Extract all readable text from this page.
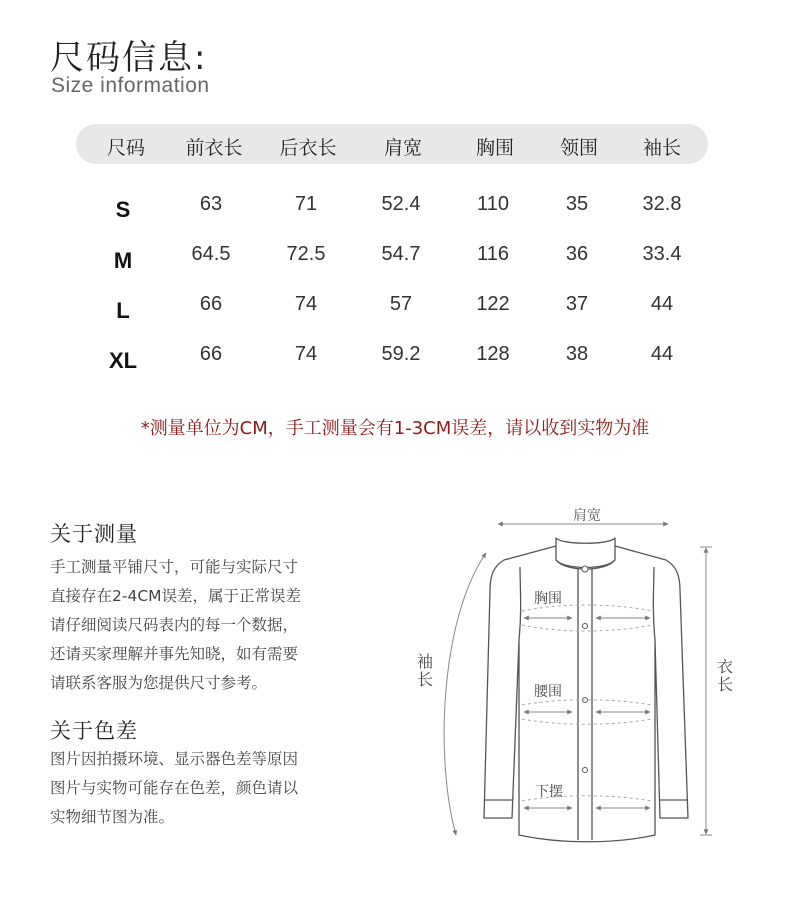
尺码信息:
Size information
尺码 前衣长 后衣长 肩宽	胸围 领围 袖长
S	63	71	52.4	110	35	32.8
M	64.5	72.5	54.7	116	36	33.4
L	66	74	57	122	37	44
XL	66	74	59.2	128	38	44
*测量单位为CM，手工测量会有1-3CM误差，请以收到实物为准
关于测量
手工测量平铺尺寸，可能与实际尺寸
直接存在2-4CM误差，属于正常误差
请仔细阅读尺码表内的每一个数据，
还请买家理解并事先知晓，如有需要
请联系客服为您提供尺寸参考。
关于色差
图片因拍摄环境、显示器色差等原因
图片与实物可能存在色差，颜色请以
实物细节图为准。
肩宽
胸围
腰围
下摆
袖
长
衣
长
